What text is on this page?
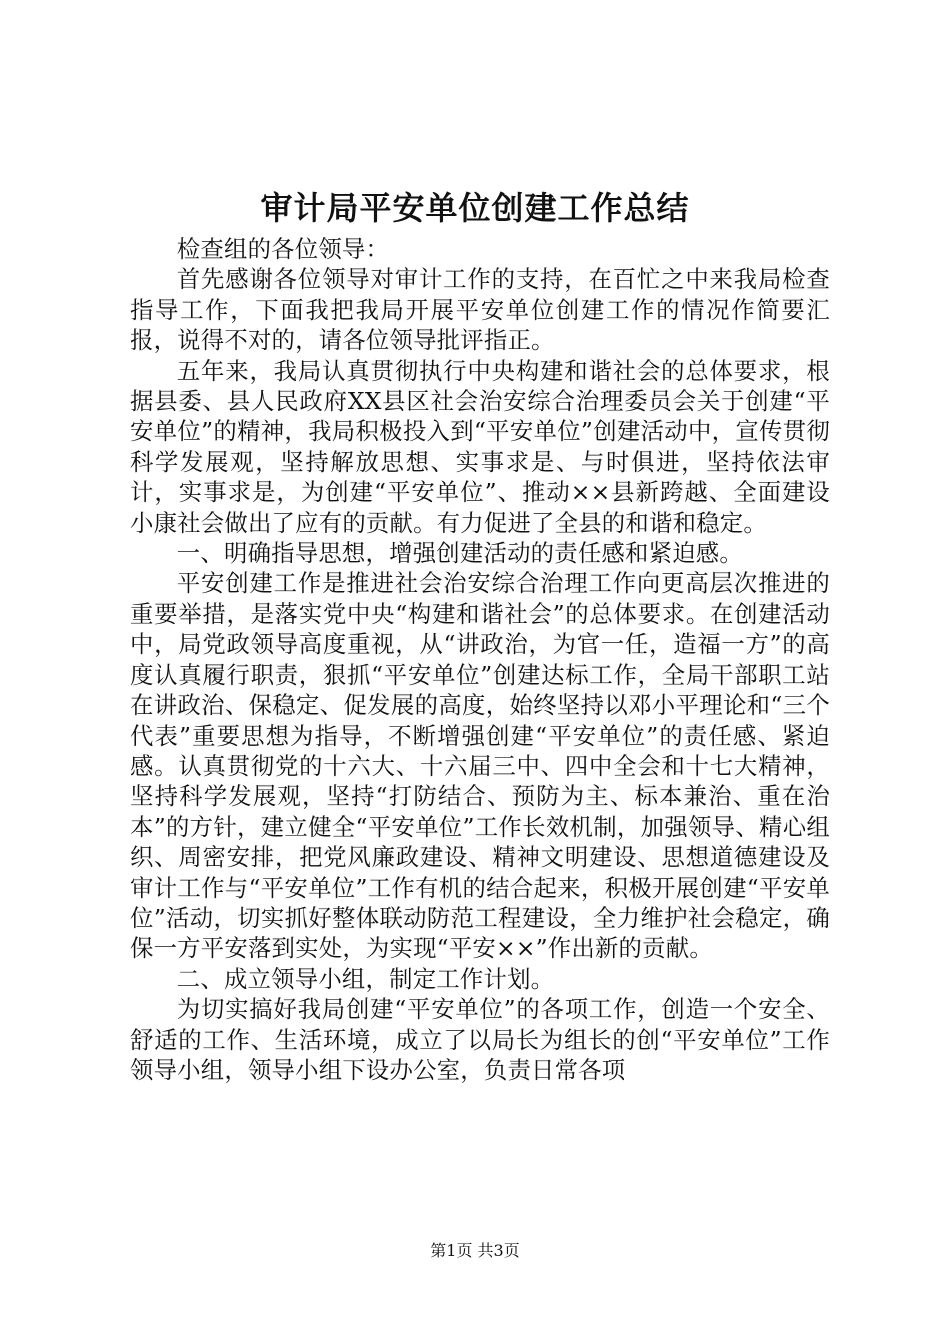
审计局平安单位创建工作总结

检查组的各位领导：

首先感谢各位领导对审计工作的支持，在百忙之中来我局检查指导工作，下面我把我局开展平安单位创建工作的情况作简要汇报，说得不对的，请各位领导批评指正。

五年来，我局认真贯彻执行中央构建和谐社会的总体要求，根据县委、县人民政府XX县区社会治安综合治理委员会关于创建“平安单位”的精神，我局积极投入到“平安单位”创建活动中，宣传贯彻科学发展观，坚持解放思想、实事求是、与时俱进，坚持依法审计，实事求是，为创建“平安单位”、推动××县新跨越、全面建设小康社会做出了应有的贡献。有力促进了全县的和谐和稳定。

一、明确指导思想，增强创建活动的责任感和紧迫感。

平安创建工作是推进社会治安综合治理工作向更高层次推进的重要举措，是落实党中央“构建和谐社会”的总体要求。在创建活动中，局党政领导高度重视，从“讲政治，为官一任，造福一方”的高度认真履行职责，狠抓“平安单位”创建达标工作，全局干部职工站在讲政治、保稳定、促发展的高度，始终坚持以邓小平理论和“三个代表”重要思想为指导，不断增强创建“平安单位”的责任感、紧迫感。认真贯彻党的十六大、十六届三中、四中全会和十七大精神，坚持科学发展观，坚持“打防结合、预防为主、标本兼治、重在治本”的方针，建立健全“平安单位”工作长效机制，加强领导、精心组织、周密安排，把党风廉政建设、精神文明建设、思想道德建设及审计工作与“平安单位”工作有机的结合起来，积极开展创建“平安单位”活动，切实抓好整体联动防范工程建设，全力维护社会稳定，确保一方平安落到实处，为实现“平安××”作出新的贡献。

二、成立领导小组，制定工作计划。

为切实搞好我局创建“平安单位”的各项工作，创造一个安全、舒适的工作、生活环境，成立了以局长为组长的创“平安单位”工作领导小组，领导小组下设办公室，负责日常各项

第1页 共3页
